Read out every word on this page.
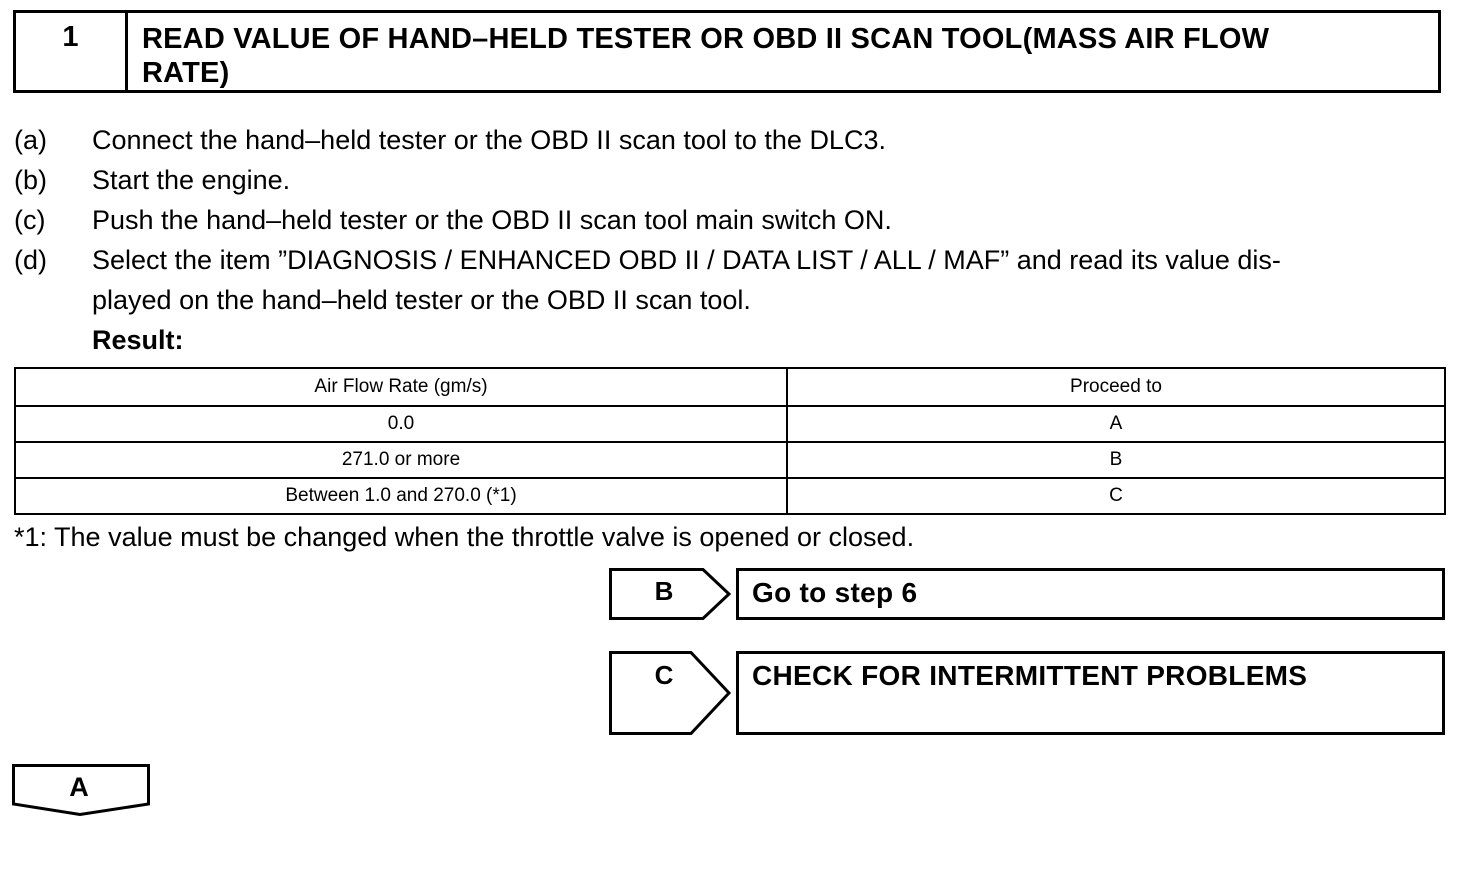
1	READ VALUE OF HAND–HELD TESTER OR OBD II SCAN TOOL(MASS AIR FLOW
RATE)
(a)	Connect the hand–held tester or the OBD II scan tool to the DLC3.
(b)	Start the engine.
(c)	Push the hand–held tester or the OBD II scan tool main switch ON.
(d)	Select the item ”DIAGNOSIS / ENHANCED OBD II / DATA LIST / ALL / MAF” and read its value dis-
played on the hand–held tester or the OBD II scan tool.
Result:
Air Flow Rate (gm/s)	Proceed to
0.0	A
271.0 or more	B
Between 1.0 and 270.0 (*1)	C
*1: The value must be changed when the throttle valve is opened or closed.
B	Go to step 6
C	CHECK FOR INTERMITTENT PROBLEMS
A
